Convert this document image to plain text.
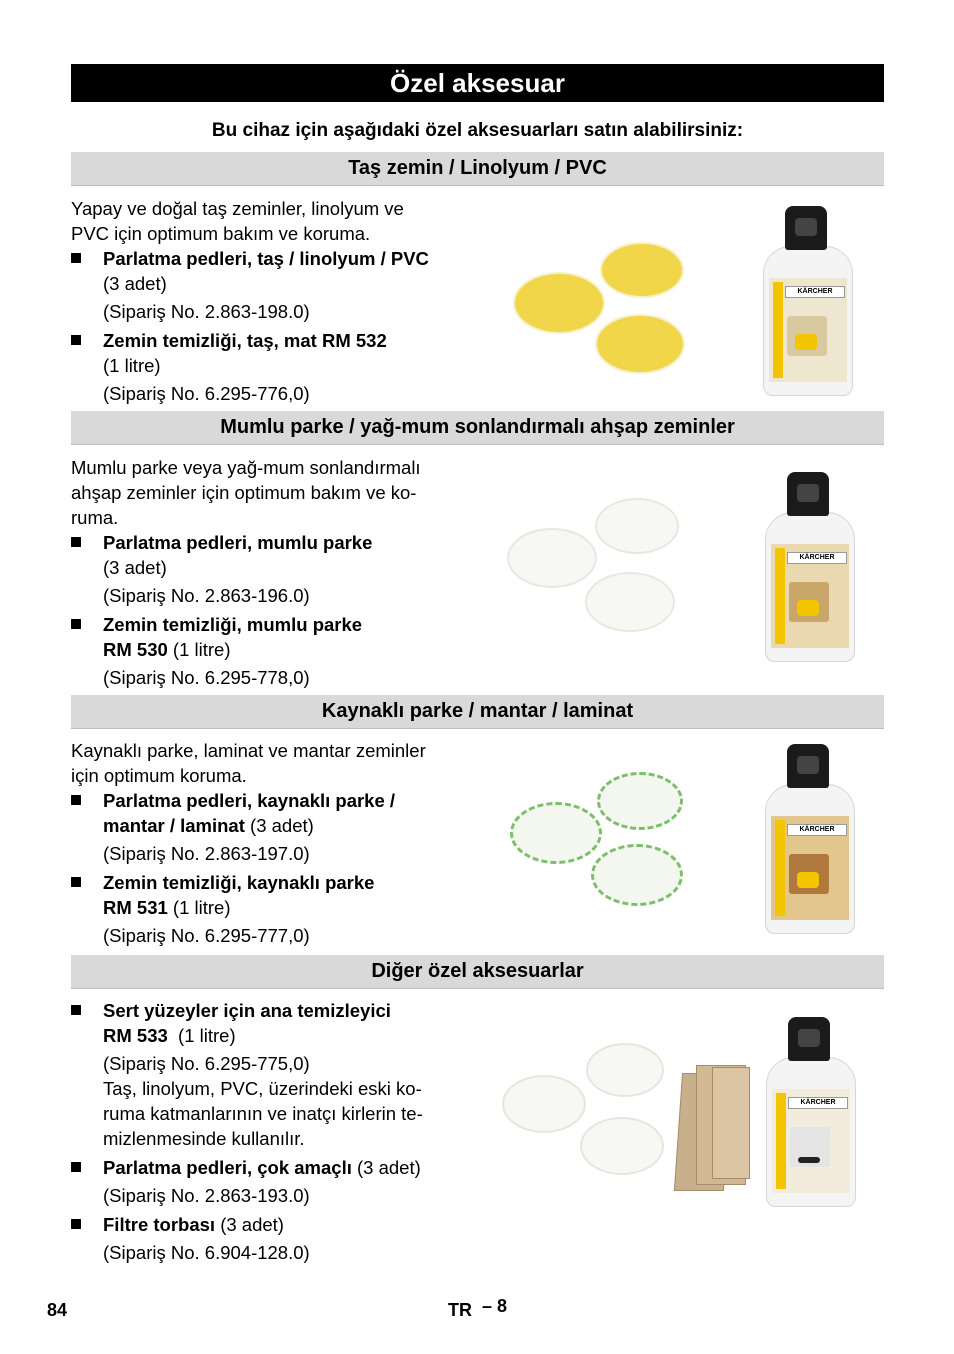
Özel aksesuar
Bu cihaz için aşağıdaki özel aksesuarları satın alabilirsiniz:
Taş zemin / Linolyum / PVC

Yapay ve doğal taş zeminler, linolyum ve

PVC için optimum bakım ve koruma.

Parlatma pedleri, taş / linolyum / PVC
(3 adet)
(Sipariş No. 2.863-198.0)
Zemin temizliği, taş, mat RM 532
(1 litre)
(Sipariş No. 6.295-776,0)
KÄRCHER
Mumlu parke / yağ-mum sonlandırmalı ahşap zeminler

Mumlu parke veya yağ-mum sonlandırmalı

ahşap zeminler için optimum bakım ve ko-

ruma.

Parlatma pedleri, mumlu parke
(3 adet)
(Sipariş No. 2.863-196.0)
Zemin temizliği, mumlu parke
RM 530 (1 litre)
(Sipariş No. 6.295-778,0)
KÄRCHER
Kaynaklı parke / mantar / laminat

Kaynaklı parke, laminat ve mantar zeminler

için optimum koruma.

Parlatma pedleri, kaynaklı parke /
mantar / laminat (3 adet)
(Sipariş No. 2.863-197.0)
Zemin temizliği, kaynaklı parke
RM 531 (1 litre)
(Sipariş No. 6.295-777,0)
KÄRCHER
Diğer özel aksesuarlar
Sert yüzeyler için ana temizleyici
RM 533  (1 litre)
(Sipariş No. 6.295-775,0)
Taş, linolyum, PVC, üzerindeki eski ko-
ruma katmanlarının ve inatçı kirlerin te-
mizlenmesinde kullanılır.
Parlatma pedleri, çok amaçlı (3 adet)
(Sipariş No. 2.863-193.0)
Filtre torbası (3 adet)
(Sipariş No. 6.904-128.0)
KÄRCHER
84	TR – 8
